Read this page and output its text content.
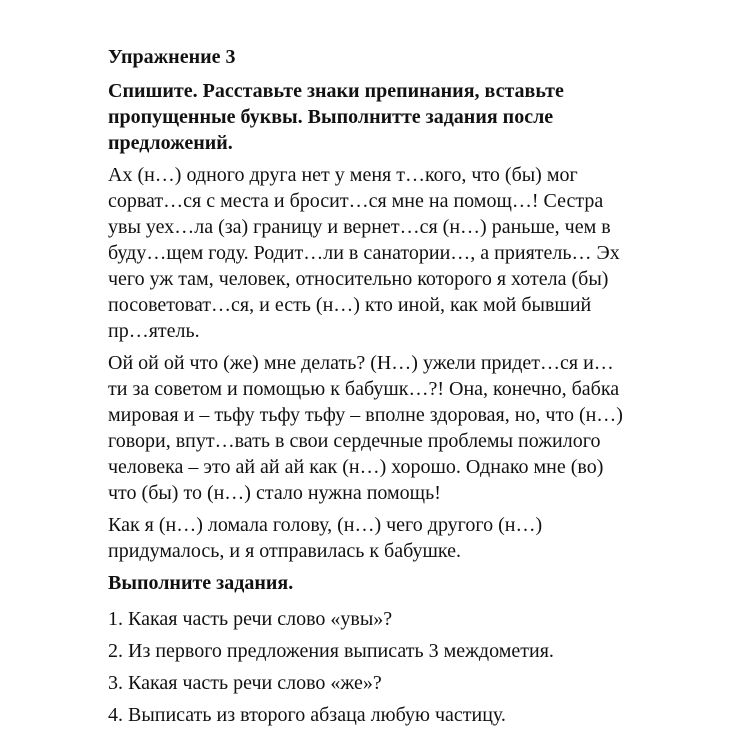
Упражнение 3
Спишите. Расставьте знаки препинания, вставьте
пропущенные буквы. Выполнитте задания после
предложений.
Ах (н…) одного друга нет у меня т…кого, что (бы) мог
сорват…ся с места и бросит…ся мне на помощ…! Сестра
увы уех…ла (за) границу и вернет…ся (н…) раньше, чем в
буду…щем году. Родит…ли в санатории…, а приятель… Эх
чего уж там, человек, относительно которого я хотела (бы)
посоветоват…ся, и есть (н…) кто иной, как мой бывший
пр…ятель.
Ой ой ой что (же) мне делать? (Н…) ужели придет…ся и…
ти за советом и помощью к бабушк…?! Она, конечно, бабка
мировая и – тьфу тьфу тьфу – вполне здоровая, но, что (н…)
говори, впут…вать в свои сердечные проблемы пожилого
человека – это ай ай ай как (н…) хорошо. Однако мне (во)
что (бы) то (н…) стало нужна помощь!
Как я (н…) ломала голову, (н…) чего другого (н…)
придумалось, и я отправилась к бабушке.
Выполните задания.
1. Какая часть речи слово «увы»?
2. Из первого предложения выписать 3 междометия.
3. Какая часть речи слово «же»?
4. Выписать из второго абзаца любую частицу.
